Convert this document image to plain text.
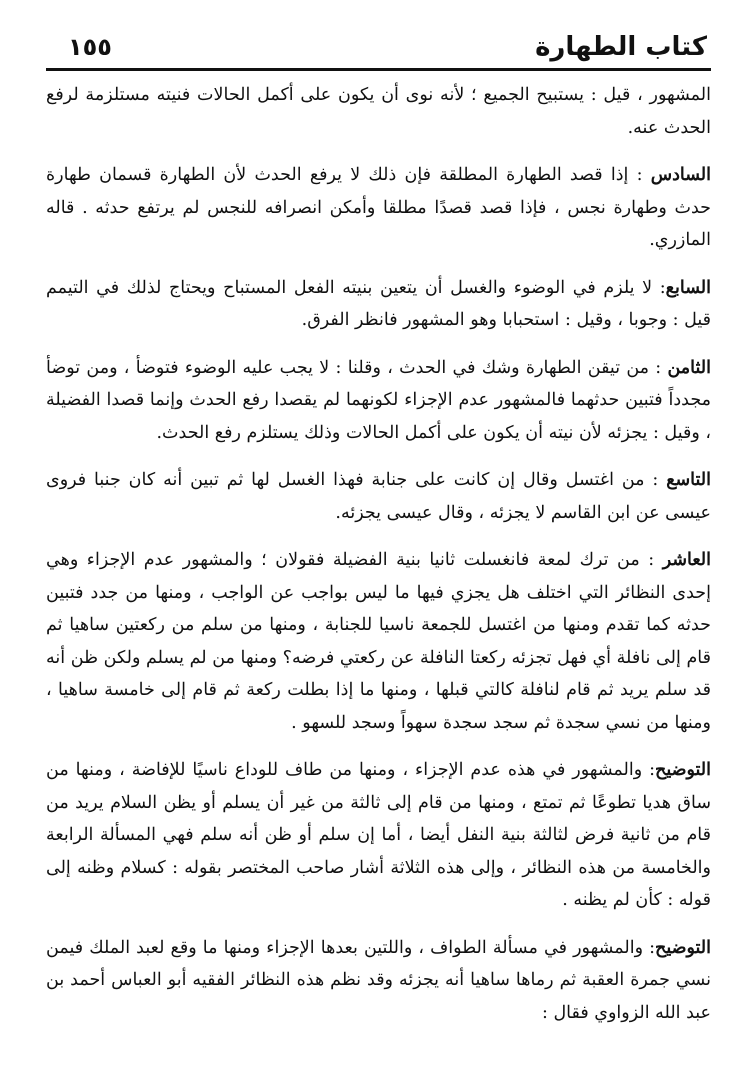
كتاب الطهارة
١٥٥

المشهور ، قيل : يستبيح الجميع ؛ لأنه نوى أن يكون على أكمل الحالات فنيته مستلزمة لرفع الحدث عنه.

السادس : إذا قصد الطهارة المطلقة فإن ذلك لا يرفع الحدث لأن الطهارة قسمان طهارة حدث وطهارة نجس ، فإذا قصد قصدًا مطلقا وأمكن انصرافه للنجس لم يرتفع حدثه . قاله المازري.

السابع: لا يلزم في الوضوء والغسل أن يتعين بنيته الفعل المستباح ويحتاج لذلك في التيمم قيل : وجوبا ، وقيل : استحبابا وهو المشهور فانظر الفرق.

الثامن : من تيقن الطهارة وشك في الحدث ، وقلنا : لا يجب عليه الوضوء فتوضأ ، ومن توضأ مجدداً فتبين حدثهما فالمشهور عدم الإجزاء لكونهما لم يقصدا رفع الحدث وإنما قصدا الفضيلة ، وقيل : يجزئه لأن نيته أن يكون على أكمل الحالات وذلك يستلزم رفع الحدث.

التاسع : من اغتسل وقال إن كانت على جنابة فهذا الغسل لها ثم تبين أنه كان جنبا فروى عيسى عن ابن القاسم لا يجزئه ، وقال عيسى يجزئه.

العاشر : من ترك لمعة فانغسلت ثانيا بنية الفضيلة فقولان ؛ والمشهور عدم الإجزاء وهي إحدى النظائر التي اختلف هل يجزي فيها ما ليس بواجب عن الواجب ، ومنها من جدد فتبين حدثه كما تقدم ومنها من اغتسل للجمعة ناسيا للجنابة ، ومنها من سلم من ركعتين ساهيا ثم قام إلى نافلة أي فهل تجزئه ركعتا النافلة عن ركعتي فرضه؟ ومنها من لم يسلم ولكن ظن أنه قد سلم يريد ثم قام لنافلة كالتي قبلها ، ومنها ما إذا بطلت ركعة ثم قام إلى خامسة ساهيا ، ومنها من نسي سجدة ثم سجد سجدة سهواً وسجد للسهو .

التوضيح: والمشهور في هذه عدم الإجزاء ، ومنها من طاف للوداع ناسيًا للإفاضة ، ومنها من ساق هديا تطوعًا ثم تمتع ، ومنها من قام إلى ثالثة من غير أن يسلم أو يظن السلام يريد من قام من ثانية فرض لثالثة بنية النفل أيضا ، أما إن سلم أو ظن أنه سلم فهي المسألة الرابعة والخامسة من هذه النظائر ، وإلى هذه الثلاثة أشار صاحب المختصر بقوله : كسلام وظنه إلى قوله : كأن لم يظنه .

التوضيح: والمشهور في مسألة الطواف ، واللتين بعدها الإجزاء ومنها ما وقع لعبد الملك فيمن نسي جمرة العقبة ثم رماها ساهيا أنه يجزئه وقد نظم هذه النظائر الفقيه أبو العباس أحمد بن عبد الله الزواوي فقال :
